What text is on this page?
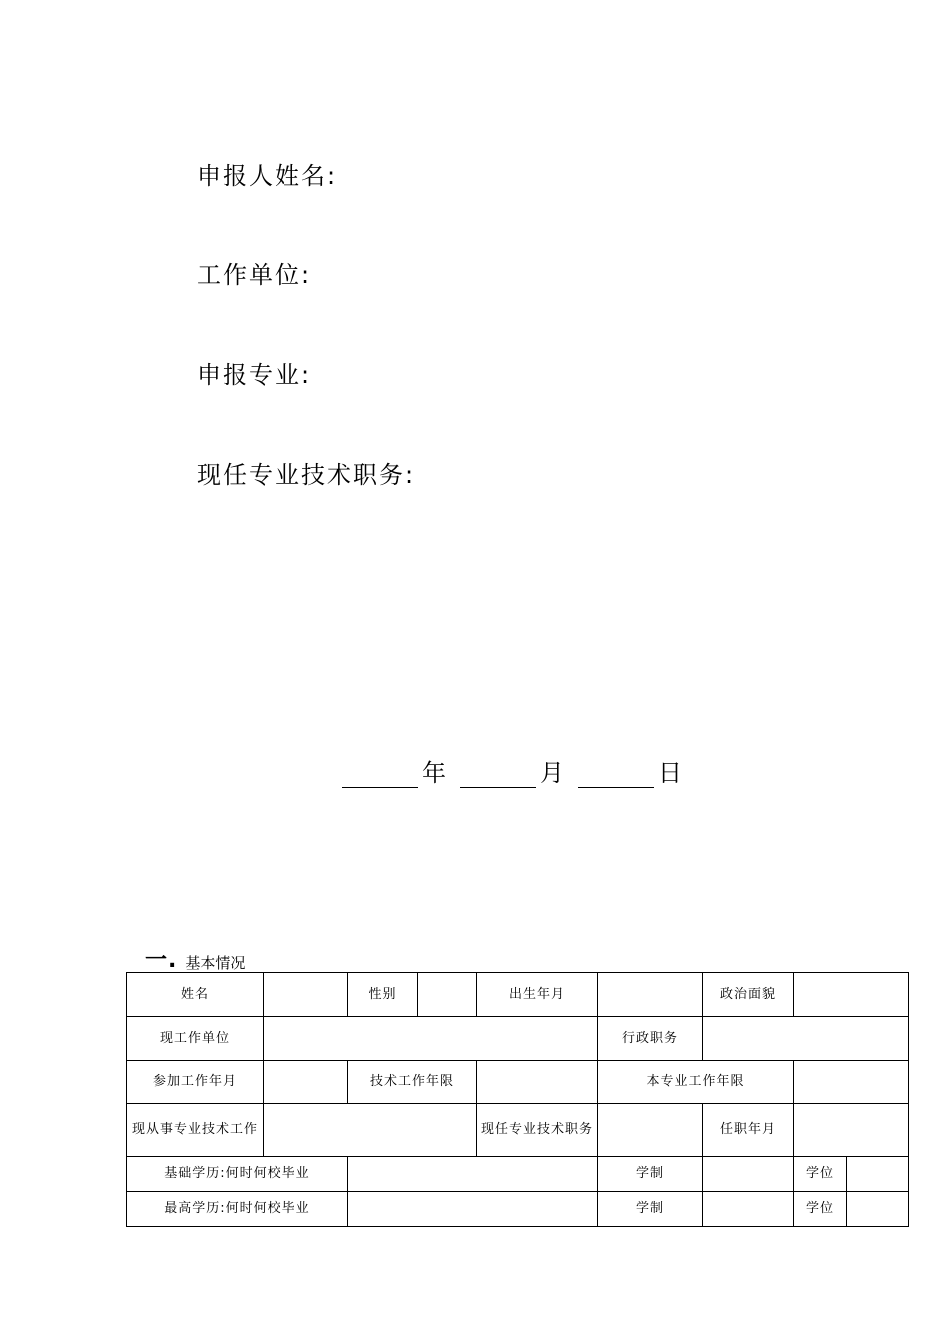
申报人姓名:
工作单位:
申报专业:
现任专业技术职务:
年	月	日
一. 基本情况
姓名		性别		出生年月		政治面貌		
现工作单位					行政职务			
参加工作年月		技术工作年限			本专业工作年限			
现从事专业技术工作				现任专业技术职务		任职年月		
基础学历:何时何校毕业					学制		学位	
最高学历:何时何校毕业					学制		学位	
